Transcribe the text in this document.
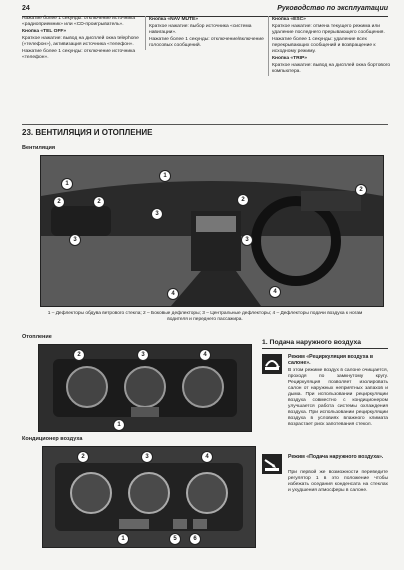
24	Руководство по эксплуатации

Нажатие более 1 секунды: отключение источника «радиоприемник» или «CD-проигрыватель».

Кнопка «TEL OFF»

Краткое нажатие: вывод на дисплей окна telephone («телефон»), активизация источника «телефон».

Нажатие более 1 секунды: отключение источника «телефон».

Кнопка «NAV MUTE»

Краткое нажатие: выбор источника «система навигации».

Нажатие более 1 секунды: отключение/включение голосовых сообщений.

Кнопка «ESC»

Краткое нажатие: отмена текущего режима или удаление последнего прерывающего сообщения.

Нажатие более 1 секунды: удаление всех перекрывающих сообщений и возвращение к исходному режиму.

Кнопка «TRIP»

Краткое нажатие: вывод на дисплей окна бортового компьютера.

23. ВЕНТИЛЯЦИЯ И ОТОПЛЕНИЕ
Вентиляция
1
2	2
3
3
1
2
2
3
4	4
1 – Дефлекторы обдува ветрового стекла; 2 – Боковые дефлекторы; 3 – Центральные дефлекторы; 4 – Дефлекторы подачи воздуха к ногам водителя и переднего пассажира.
Отопление
2	3	4
1
Кондиционер воздуха
2	3	4
1	5	6
1. Подача наружного воздуха
Режим «Рециркуляция воздуха в салоне».
В этом режиме воздух в салоне очищается, проходя по замкнутому кругу. Рециркуляция позволяет изолировать салон от наружных неприятных запахов и дыма. При использовании рециркуляции воздуха совместно с кондиционером улучшается работа системы охлаждения воздуха. При использовании рециркуляции воздуха в условиях влажного климата возрастает риск запотевания стекол.
Режим «Подача наружного воздуха».
При первой же возможности переведите регулятор 1 в это положение чтобы избежать оседания конденсата на стеклах и ухудшения атмосферы в салоне.
